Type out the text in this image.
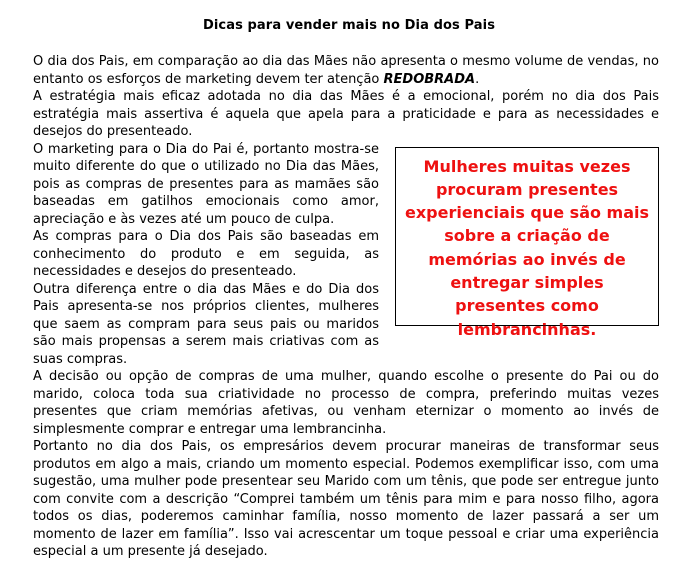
Dicas para vender mais no Dia dos Pais

O dia dos Pais, em comparação ao dia das Mães não apresenta o mesmo volume de vendas, no entanto os esforços de marketing devem ter atenção REDOBRADA.

A estratégia mais eficaz adotada no dia das Mães é a emocional, porém no dia dos Pais estratégia mais assertiva é aquela que apela para a praticidade e para as necessidades e desejos do presenteado.

Mulheres muitas vezes procuram presentes experienciais que são mais sobre a criação de memórias ao invés de entregar simples presentes como lembrancinhas.

O marketing para o Dia do Pai é, portanto mostra-se muito diferente do que o utilizado no Dia das Mães, pois as compras de presentes para as mamães são baseadas em gatilhos emocionais como amor, apreciação e às vezes até um pouco de culpa.

As compras para o Dia dos Pais são baseadas em conhecimento do produto e em seguida, as necessidades e desejos do presenteado.

Outra diferença entre o dia das Mães e do Dia dos Pais apresenta-se nos próprios clientes, mulheres que saem as compram para seus pais ou maridos são mais propensas a serem mais criativas com as suas compras.

A decisão ou opção de compras de uma mulher, quando escolhe o presente do Pai ou do marido, coloca toda sua criatividade no processo de compra, preferindo muitas vezes presentes que criam memórias afetivas, ou venham eternizar o momento ao invés de simplesmente comprar e entregar uma lembrancinha.

Portanto no dia dos Pais, os empresários devem procurar maneiras de transformar seus produtos em algo a mais, criando um momento especial. Podemos exemplificar isso, com uma sugestão, uma mulher pode presentear seu Marido com um tênis, que pode ser entregue junto com convite com a descrição “Comprei também um tênis para mim e para nosso filho, agora todos os dias, poderemos caminhar família, nosso momento de lazer passará a ser um momento de lazer em família”. Isso vai acrescentar um toque pessoal e criar uma experiência especial a um presente já desejado.
